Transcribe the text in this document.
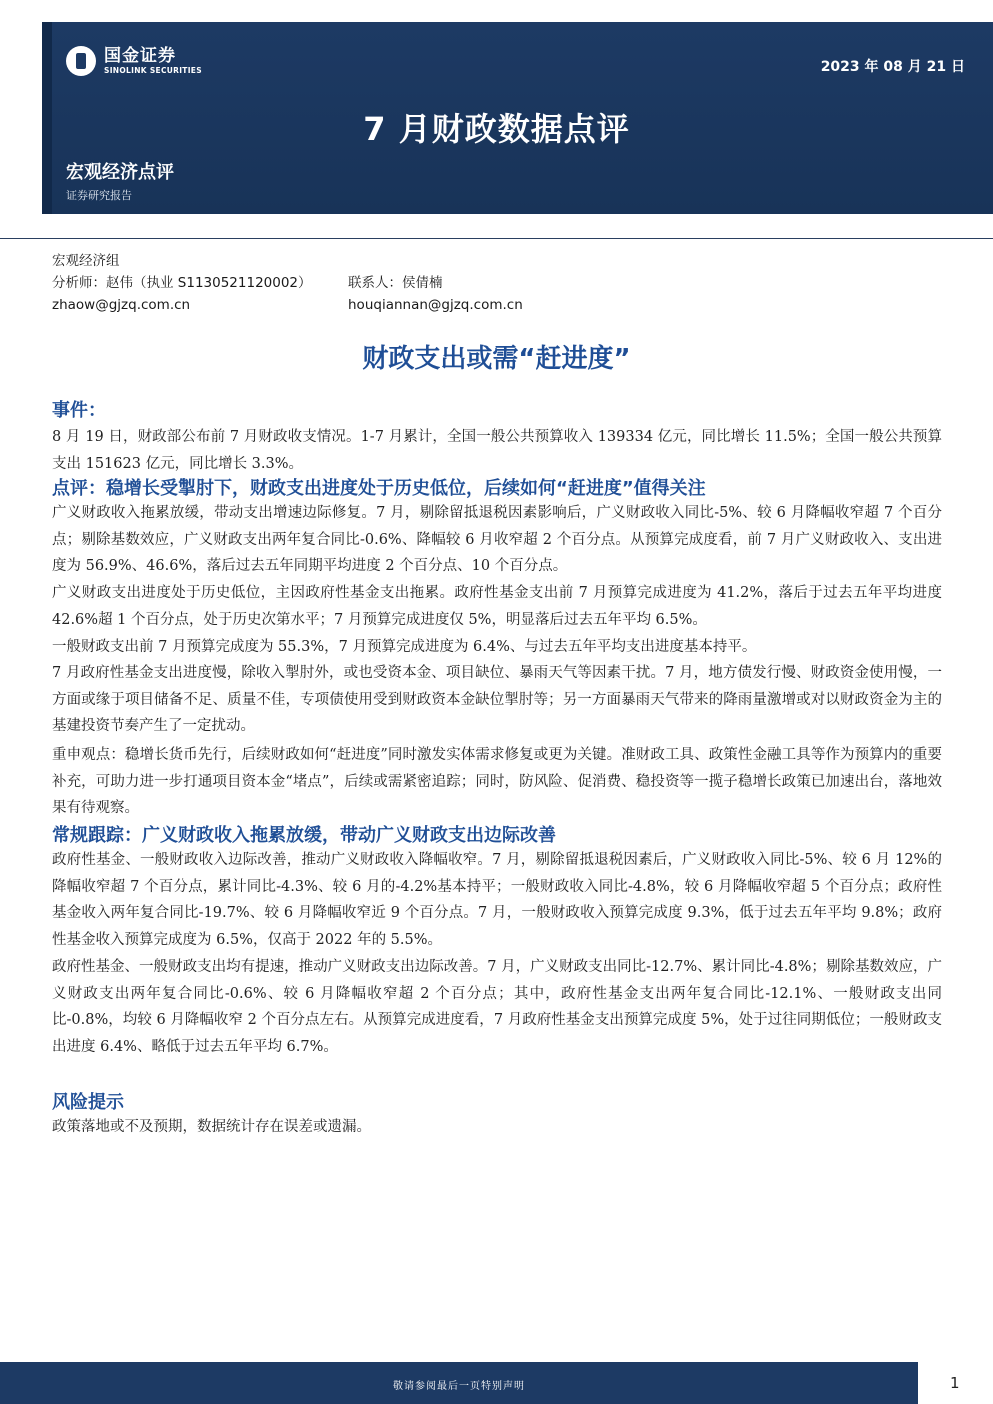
国金证券
SINOLINK SECURITIES	2023 年 08 月 21 日
7 月财政数据点评
宏观经济点评
证券研究报告
宏观经济组
分析师：赵伟（执业 S1130521120002）	联系人：侯倩楠
zhaow@gjzq.com.cn	houqiannan@gjzq.com.cn
财政支出或需“赶进度”
事件：

8 月 19 日，财政部公布前 7 月财政收支情况。1-7 月累计，全国一般公共预算收入 139334 亿元，同比增长 11.5%；全国一般公共预算支出 151623 亿元，同比增长 3.3%。

点评：稳增长受掣肘下，财政支出进度处于历史低位，后续如何“赶进度”值得关注

广义财政收入拖累放缓，带动支出增速边际修复。7 月，剔除留抵退税因素影响后，广义财政收入同比-5%、较 6 月降幅收窄超 7 个百分点；剔除基数效应，广义财政支出两年复合同比-0.6%、降幅较 6 月收窄超 2 个百分点。从预算完成度看，前 7 月广义财政收入、支出进度为 56.9%、46.6%，落后过去五年同期平均进度 2 个百分点、10 个百分点。

广义财政支出进度处于历史低位，主因政府性基金支出拖累。政府性基金支出前 7 月预算完成进度为 41.2%，落后于过去五年平均进度 42.6%超 1 个百分点，处于历史次第水平；7 月预算完成进度仅 5%，明显落后过去五年平均 6.5%。

一般财政支出前 7 月预算完成度为 55.3%，7 月预算完成进度为 6.4%、与过去五年平均支出进度基本持平。

7 月政府性基金支出进度慢，除收入掣肘外，或也受资本金、项目缺位、暴雨天气等因素干扰。7 月，地方债发行慢、财政资金使用慢，一方面或缘于项目储备不足、质量不佳，专项债使用受到财政资本金缺位掣肘等；另一方面暴雨天气带来的降雨量激增或对以财政资金为主的基建投资节奏产生了一定扰动。

重申观点：稳增长货币先行，后续财政如何“赶进度”同时激发实体需求修复或更为关键。准财政工具、政策性金融工具等作为预算内的重要补充，可助力进一步打通项目资本金“堵点”，后续或需紧密追踪；同时，防风险、促消费、稳投资等一揽子稳增长政策已加速出台，落地效果有待观察。

常规跟踪：广义财政收入拖累放缓，带动广义财政支出边际改善

政府性基金、一般财政收入边际改善，推动广义财政收入降幅收窄。7 月，剔除留抵退税因素后，广义财政收入同比-5%、较 6 月 12%的降幅收窄超 7 个百分点，累计同比-4.3%、较 6 月的-4.2%基本持平；一般财政收入同比-4.8%，较 6 月降幅收窄超 5 个百分点；政府性基金收入两年复合同比-19.7%、较 6 月降幅收窄近 9 个百分点。7 月，一般财政收入预算完成度 9.3%，低于过去五年平均 9.8%；政府性基金收入预算完成度为 6.5%，仅高于 2022 年的 5.5%。

政府性基金、一般财政支出均有提速，推动广义财政支出边际改善。7 月，广义财政支出同比-12.7%、累计同比-4.8%；剔除基数效应，广义财政支出两年复合同比-0.6%、较 6 月降幅收窄超 2 个百分点；其中，政府性基金支出两年复合同比-12.1%、一般财政支出同比-0.8%，均较 6 月降幅收窄 2 个百分点左右。从预算完成进度看，7 月政府性基金支出预算完成度 5%，处于过往同期低位；一般财政支出进度 6.4%、略低于过去五年平均 6.7%。

风险提示

政策落地或不及预期，数据统计存在误差或遗漏。

敬请参阅最后一页特别声明	1
